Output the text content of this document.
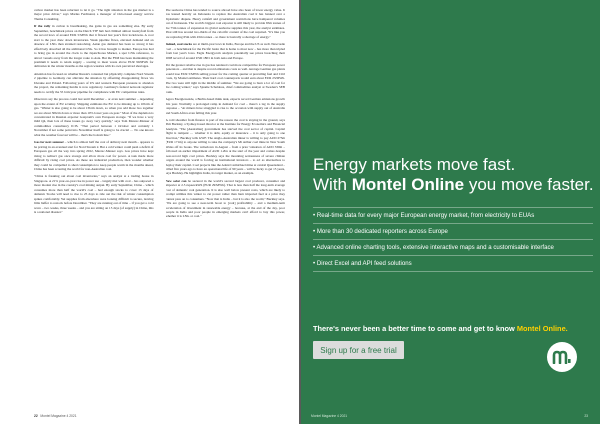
carbon market has been reluctant to let it go. "The tight situation in the gas market is a major price driver," says Marius Ferdinand, a manager of Oslo-based energy service Thema Consulting.

If the rally in carbon is breathtaking, the gains in gas are something else. By early September, benchmark prices on the Dutch TTF hub had climbed almost twentyfold from the record lows of around EUR 5/MWh that it flowed last year's first lockdowns. A cool start to the year drew down inventories. Weak pipeline flows, elevated demand and an absence of LNG then strained restocking. Asian gas demand has been so strong it has effectively absorbed all the additional LNG. So it has brought to market. Europe has had to bring gas in around the clock to the Japan/Korea Marker, a spot LNG reference, to attract vessels away from the longer route to Asia. But the FSM has been maintaining the premium it needs to retain supply – soaring to meet waste above EUR 90/MWh for deliveries in the winter months as the region wrestles with its own perceived shortages.

Attention has focused on whether Russia's contested but physically complete Nord Stream 2 pipeline to Germany can alleviate the situation by offsetting disappointing flows via Ukraine and Poland. Following years of US and western European pressure to abandon the project, the remaining hurdle is now regulatory. Germany's federal network regulator needs to certify the 55 bcm/year pipeline for compliance with EU competition rules.

Observers say the process could last until December – or even next summer – depending upon the extent of EU scrutiny. Shipping estimates the EU to be missing up to 10bcm of gas. "Winter is also going to be about 13bcm down, so when you add those two together we are about 30bcm down or more than 10% lower year-on-year." Most of the depletion is concentrated in Russian exporter Gazprom's own European storage. "If we have a very mild Q4, then lots of these issues go away very quickly," says Tom Marzec-Manser of commodities consultancy ICIS. "That period between 1 October and certainly 1 November if not some point into November itself is going to be crucial … No one knows what the weather forecast will be – that's the bottom line."

Gas for next summer – which is almost half the cost of delivery next month – appears to be pricing in an eventual start for Nord Stream 2. But a cold winter could push a deficit of European gas all the way into spring 2022, Marzec-Manser says. Gas prices have kept rising to redirect gas once storage and allow more coal for power. A task made more difficult by rising coal prices. As these are industrial production, then wonder whether they could be compelled to shed consumption to keep people warm in the months ahead, China has been scouring the world for non-Australian coal.

"China is freaking out about coal inventories," says an analyst at a trading house in Singapore. A 21% year-on-year rise in power use – largely met with coal – has outpaced a more modest rise in the country's coal mining output. By early September, China – which consumes more than half the world's coal – had enough stocks to cover 13 days of demand. Stocks will need to rise to 25 days to ride out the risk of winter consumption spikes comfortably. Yet supplies from elsewhere were looking difficult to secure, leaving little buffer to restock before December. "They are running out of time – if you get a cold wave – two weeks, three weeks – and you are sitting on 15 days (of supply) in China, this is a national disaster."

The seaborne China has tended to source abroad have also been of lower energy value. It has leaned heavily on Indonesia to replace the Australian coal it has banned over a diplomatic dispute. Heavy rainfall and government restrictions have hampered volumes out of Indonesia. The world's biggest coal exporter is still likely to provide 65m tonnes of the 75m tonnes of expansion its global seaborne supplies this year, the analyst estimates. That still has around two-thirds of the calorific content of the coal required. "It's like you are replacing 65m with 45m tonnes – so there is basically a shortage of energy."

Indeed, coal stocks are at multi-year lows in India, Europe and the US as well. Newcastle coal – a benchmark for the Pacific basin that is home to most now – has more than tripled from last year's lows. Eagle Energycom analysts potentially see prices breaching their 2008 record of around USD 180/t in both Asia and Europe.

Yet the greater relative rise in gas has rendered coal more competitive for European power generators – and that is despite record emissions costs as well. Average German gas plants would lose EUR 5/MWh selling power for the coming quarter at prevailing fuel and CO2 costs, by Montel estimates. Their hard coal counterparts would earn about EUR 23/MWh. The two were still tight in the middle of summer. "We are going to burn a lot of coal for the coming winter," says Sjaame Schaldous, chief commodities analyst at Sweden's SEB bank.

Agora Energiewende, a Berlin-based think tank, expects record German emissions growth this year. Normally a prolonged ramp in demand for coal – there's a lag in the supply response – "At miners have struggled to rise to the occasion with supply out of Australia and South Africa even falling this year.

A cold shoulder from finance is part of the reason the coal is staying in the ground, says Tim Buckley, a Sydney-based director at the Institute for Energy Economics and Financial Analysis. "The [Australian] government has starved the coal sector of capital. Capital flight is rampant … whether it is debt, equity or insurance – it is only going to one direction," Buckley tells GWF. The Anglo-Australian miner is willing to pay AUD 275m (EUR 171m) to anyone willing to take the company's Mt Arthur coal mine in New South Wales off its books. The writedown in August – from a prior valuation of AUD 330m – followed an earlier impairment of AUD 1.2bn at the start of the year and comes despite near-record high coal prices. Buckley says the mounting seriousness of severe climate targets around the world is forcing an institutional investors – to act as alternatives to deploy their capital. Coal projects like the Adani Carmichael mine at central Queensland – billed five years ago to have an operational life of 90 years – will be lucky to get 15 years, says Buckley. He highlights India, its target market, as an example.

New solar can be secured in the world's second largest coal producer, consumer and importer at 2.5 rupees/kWh (EUR 29/MWh). That is less than half the long-term average cost of domestic coal generation. It is also well below present costs, which are likely to prompt utilities this winter to cut power rather than burn imported fuel at a price they cannot pass on to consumers. "Now that is India – but it is also the world," Buckley says. "We are going to see a near-term boost to [coal] profitability – and a medium-term acceleration of investment in renewable energy – because, at the end of the day, poor people in India and poor people in emerging markets can't afford to buy this power, whether it is LNG or coal."

22 Montel Magazine 4 2021
Energy markets move fast.
With Montel Online you move faster.
• Real-time data for every major European energy market, from electricity to EUAs
• More than 30 dedicated reporters across Europe
• Advanced online charting tools, extensive interactive maps and a customisable interface
• Direct Excel and API feed solutions
There's never been a better time to come and get to know Montel Online.
Sign up for a free trial
Montel Magazine 4 2021	23
